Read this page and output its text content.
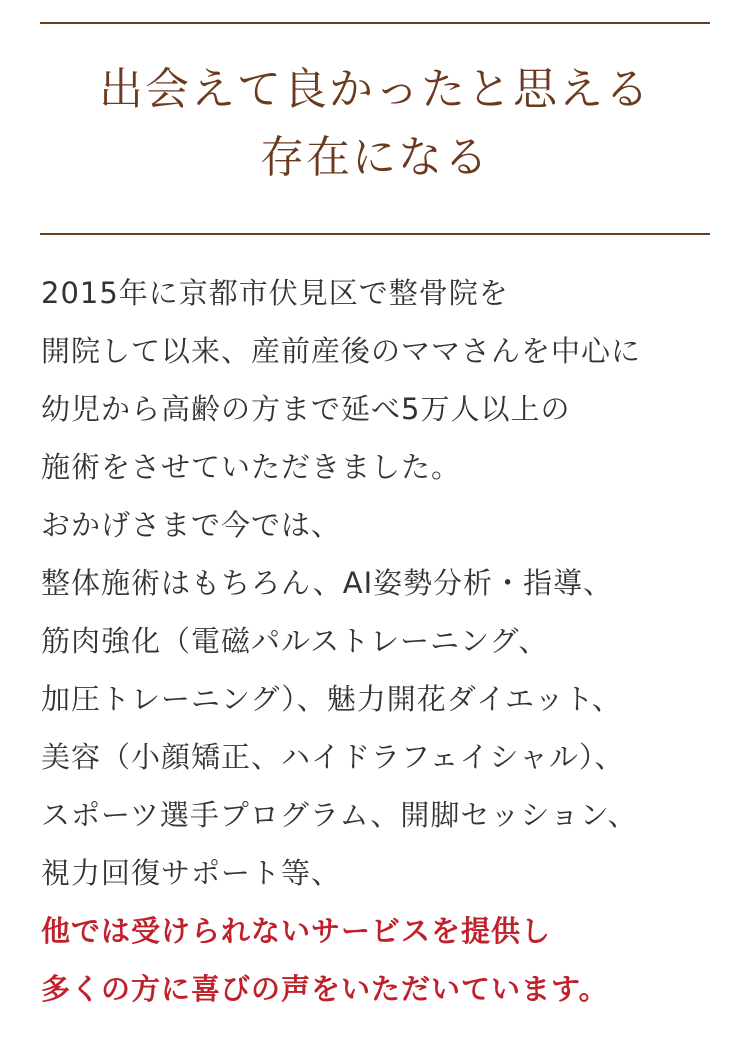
出会えて良かったと思える
存在になる
2015年に京都市伏見区で整骨院を
開院して以来、産前産後のママさんを中心に
幼児から高齢の方まで延べ5万人以上の
施術をさせていただきました。
おかげさまで今では、
整体施術はもちろん、AI姿勢分析・指導、
筋肉強化（電磁パルストレーニング、
加圧トレーニング）、魅力開花ダイエット、
美容（小顔矯正、ハイドラフェイシャル）、
スポーツ選手プログラム、開脚セッション、
視力回復サポート等、
他では受けられないサービスを提供し
多くの方に喜びの声をいただいています。
